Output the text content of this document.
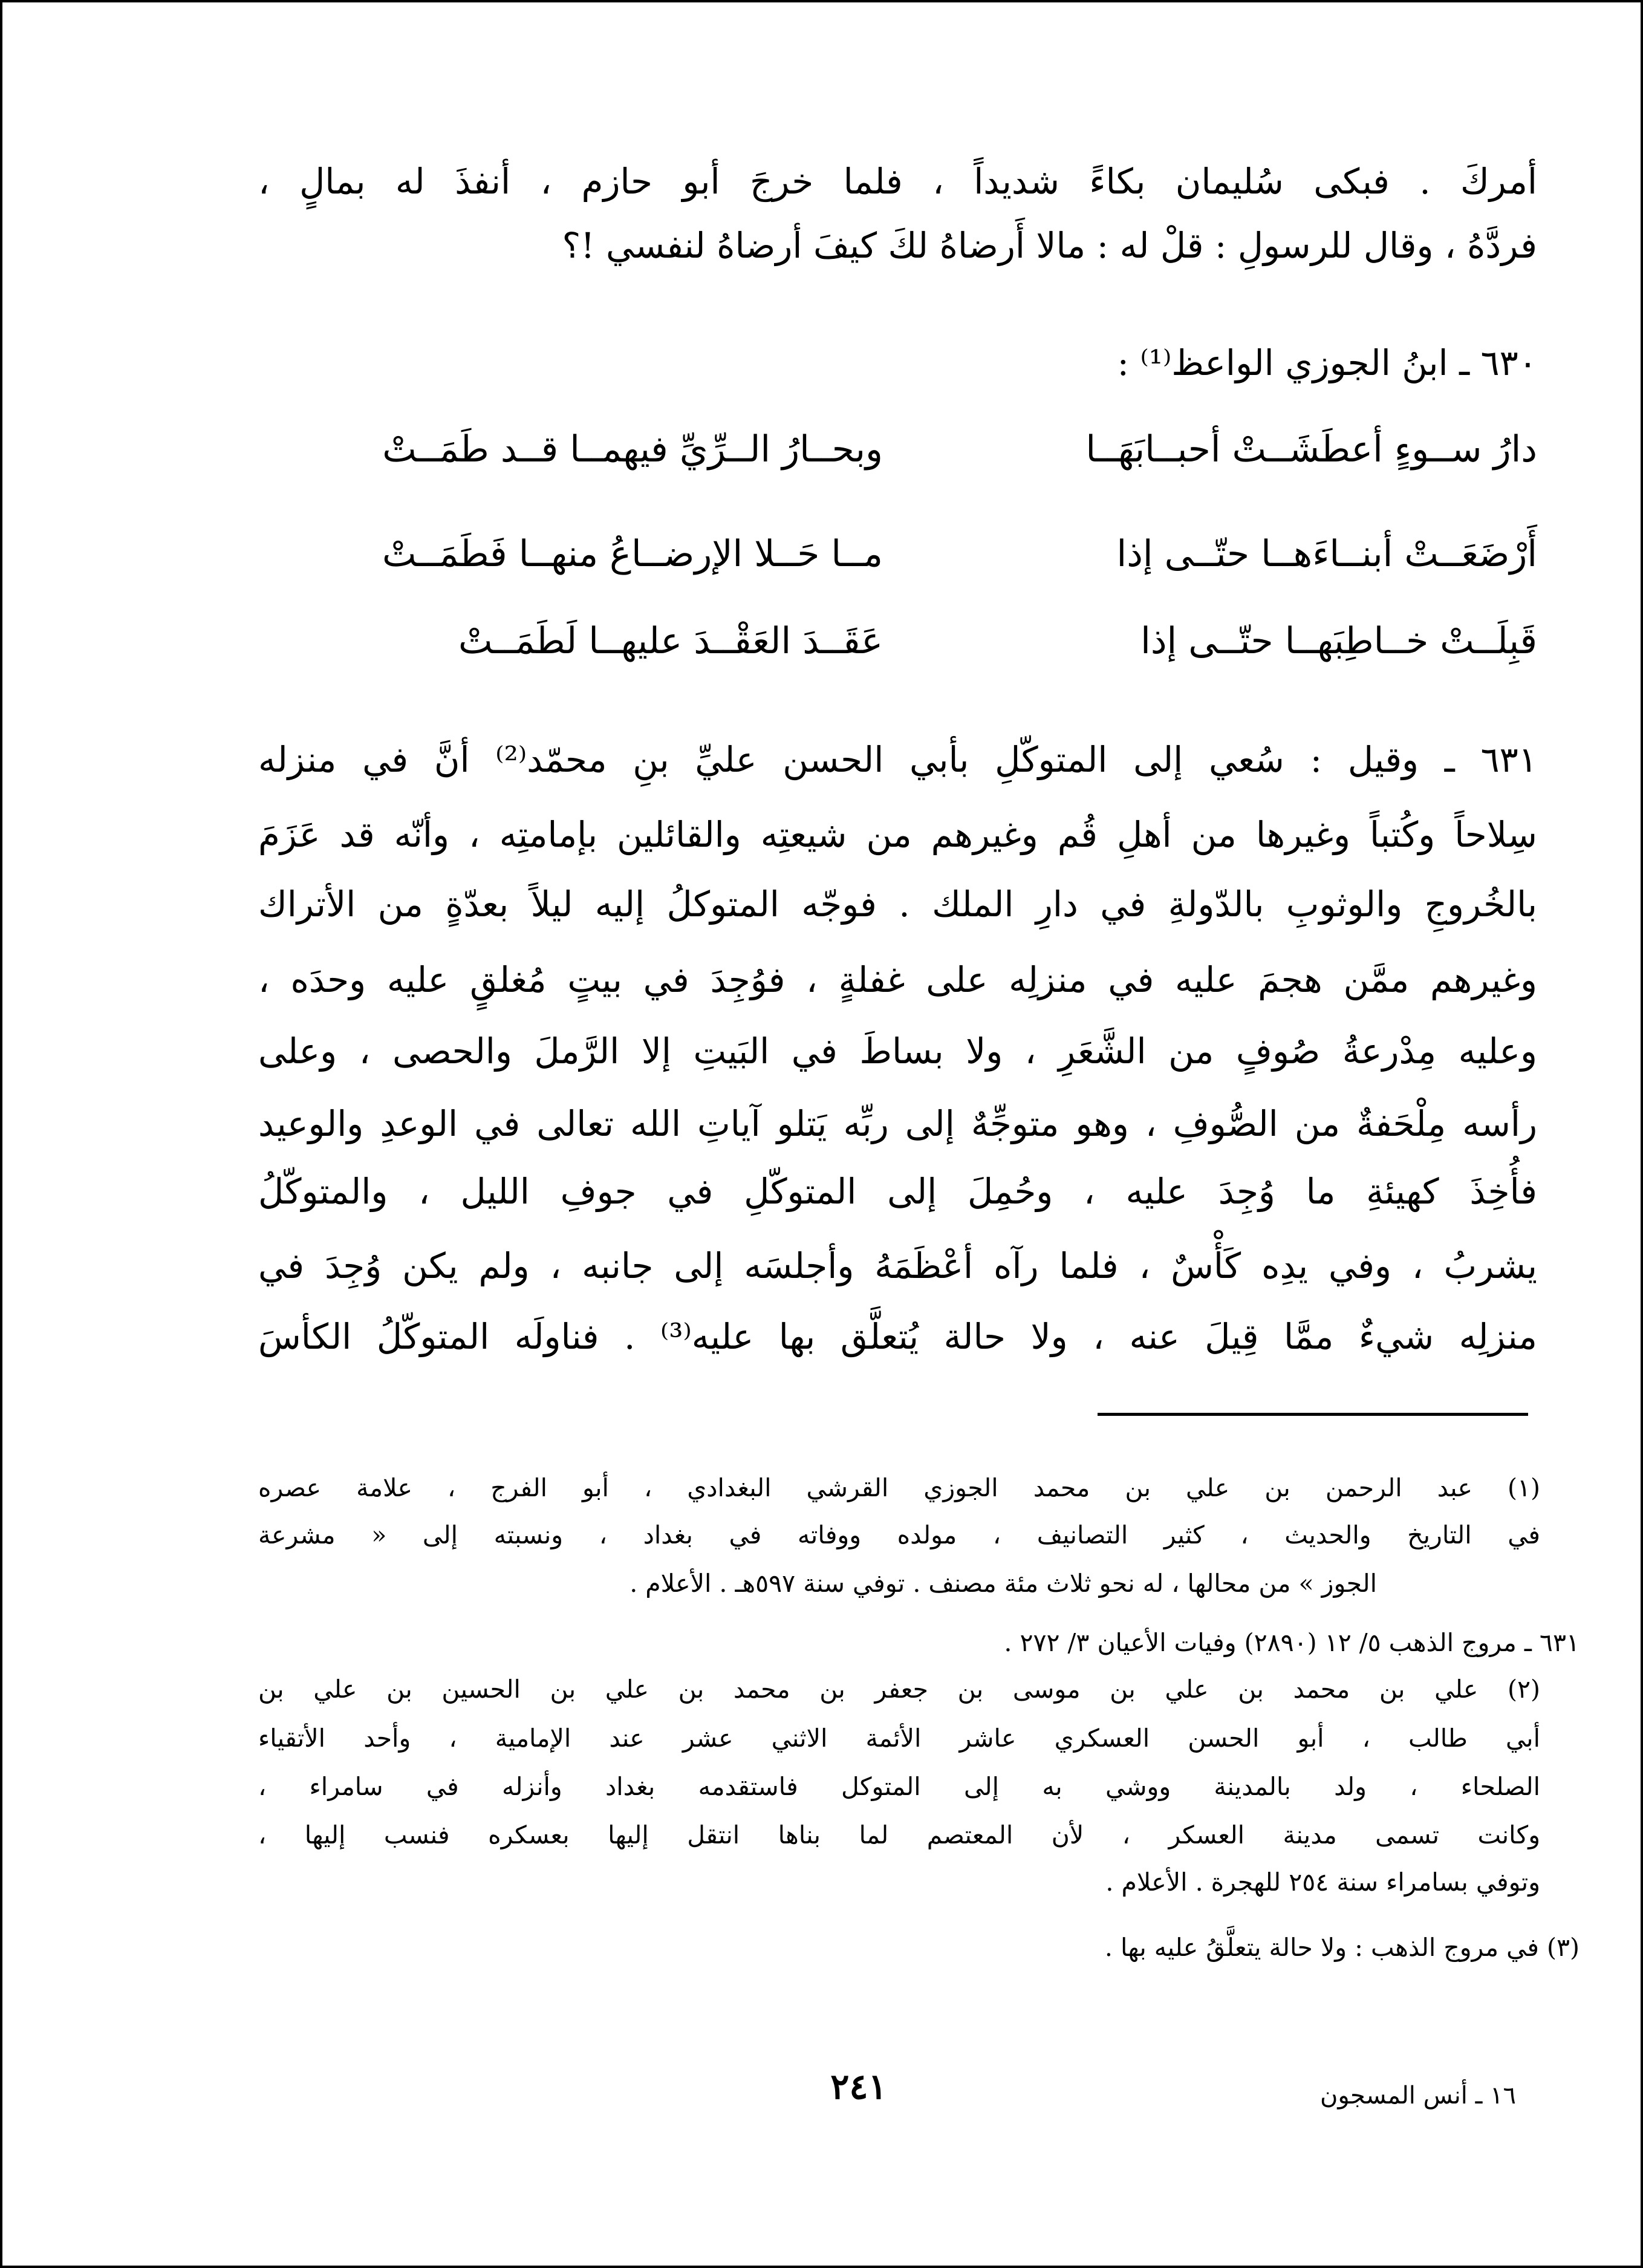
أمركَ . فبكى سُليمان بكاءً شديداً ، فلما خرجَ أبو حازم ، أنفذَ له بمالٍ ،
فردَّهُ ، وقال للرسولِ : قلْ له : مالا أَرضاهُ لكَ كيفَ أرضاهُ لنفسي !؟
٦٣٠ ـ ابنُ الجوزي الواعظ⁽¹⁾ :
دارُ ســوءٍ أعطَشَــتْ أحبــابَهَــا
وبحــارُ الــرِّيِّ فيهمــا قــد طَمَــتْ
أَرْضَعَــتْ أبنــاءَهــا حتّــى إذا
مــا حَــلا الإرضــاعُ منهــا فَطَمَــتْ
قَبِلَــتْ خــاطِبَهــا حتّــى إذا
عَقَــدَ العَقْــدَ عليهــا لَطَمَــتْ
٦٣١ ـ وقيل : سُعي إلى المتوكّلِ بأبي الحسن عليِّ بنِ محمّد⁽²⁾ أنَّ في منزله
سِلاحاً وكُتباً وغيرها من أهلِ قُم وغيرهم من شيعتِه والقائلين بإمامتِه ، وأنّه قد عَزَمَ
بالخُروجِ والوثوبِ بالدّولةِ في دارِ الملك . فوجّه المتوكلُ إليه ليلاً بعدّةٍ من الأتراك
وغيرهم ممَّن هجمَ عليه في منزلِه على غفلةٍ ، فوُجِدَ في بيتٍ مُغلقٍ عليه وحدَه ،
وعليه مِدْرعةُ صُوفٍ من الشَّعَرِ ، ولا بساطَ في البَيتِ إلا الرَّملَ والحصى ، وعلى
رأسه مِلْحَفةٌ من الصُّوفِ ، وهو متوجِّهٌ إلى ربِّه يَتلو آياتِ الله تعالى في الوعدِ والوعيد
فأُخِذَ كهيئةِ ما وُجِدَ عليه ، وحُمِلَ إلى المتوكّلِ في جوفِ الليل ، والمتوكّلُ
يشربُ ، وفي يدِه كَأْسٌ ، فلما رآه أعْظَمَهُ وأجلسَه إلى جانبه ، ولم يكن وُجِدَ في
منزلِه شيءٌ ممَّا قِيلَ عنه ، ولا حالة يُتعلَّق بها عليه⁽³⁾ . فناولَه المتوكّلُ الكأسَ
(١) عبد الرحمن بن علي بن محمد الجوزي القرشي البغدادي ، أبو الفرج ، علامة عصره
في التاريخ والحديث ، كثير التصانيف ، مولده ووفاته في بغداد ، ونسبته إلى « مشرعة
الجوز » من محالها ، له نحو ثلاث مئة مصنف . توفي سنة ٥٩٧هـ . الأعلام .
٦٣١ ـ مروج الذهب ٥/ ١٢ (٢٨٩٠) وفيات الأعيان ٣/ ٢٧٢ .
(٢) علي بن محمد بن علي بن موسى بن جعفر بن محمد بن علي بن الحسين بن علي بن
أبي طالب ، أبو الحسن العسكري عاشر الأئمة الاثني عشر عند الإمامية ، وأحد الأتقياء
الصلحاء ، ولد بالمدينة ووشي به إلى المتوكل فاستقدمه بغداد وأنزله في سامراء ،
وكانت تسمى مدينة العسكر ، لأن المعتصم لما بناها انتقل إليها بعسكره فنسب إليها ،
وتوفي بسامراء سنة ٢٥٤ للهجرة . الأعلام .
(٣) في مروج الذهب : ولا حالة يتعلَّقُ عليه بها .
٢٤١	١٦ ـ أنس المسجون
